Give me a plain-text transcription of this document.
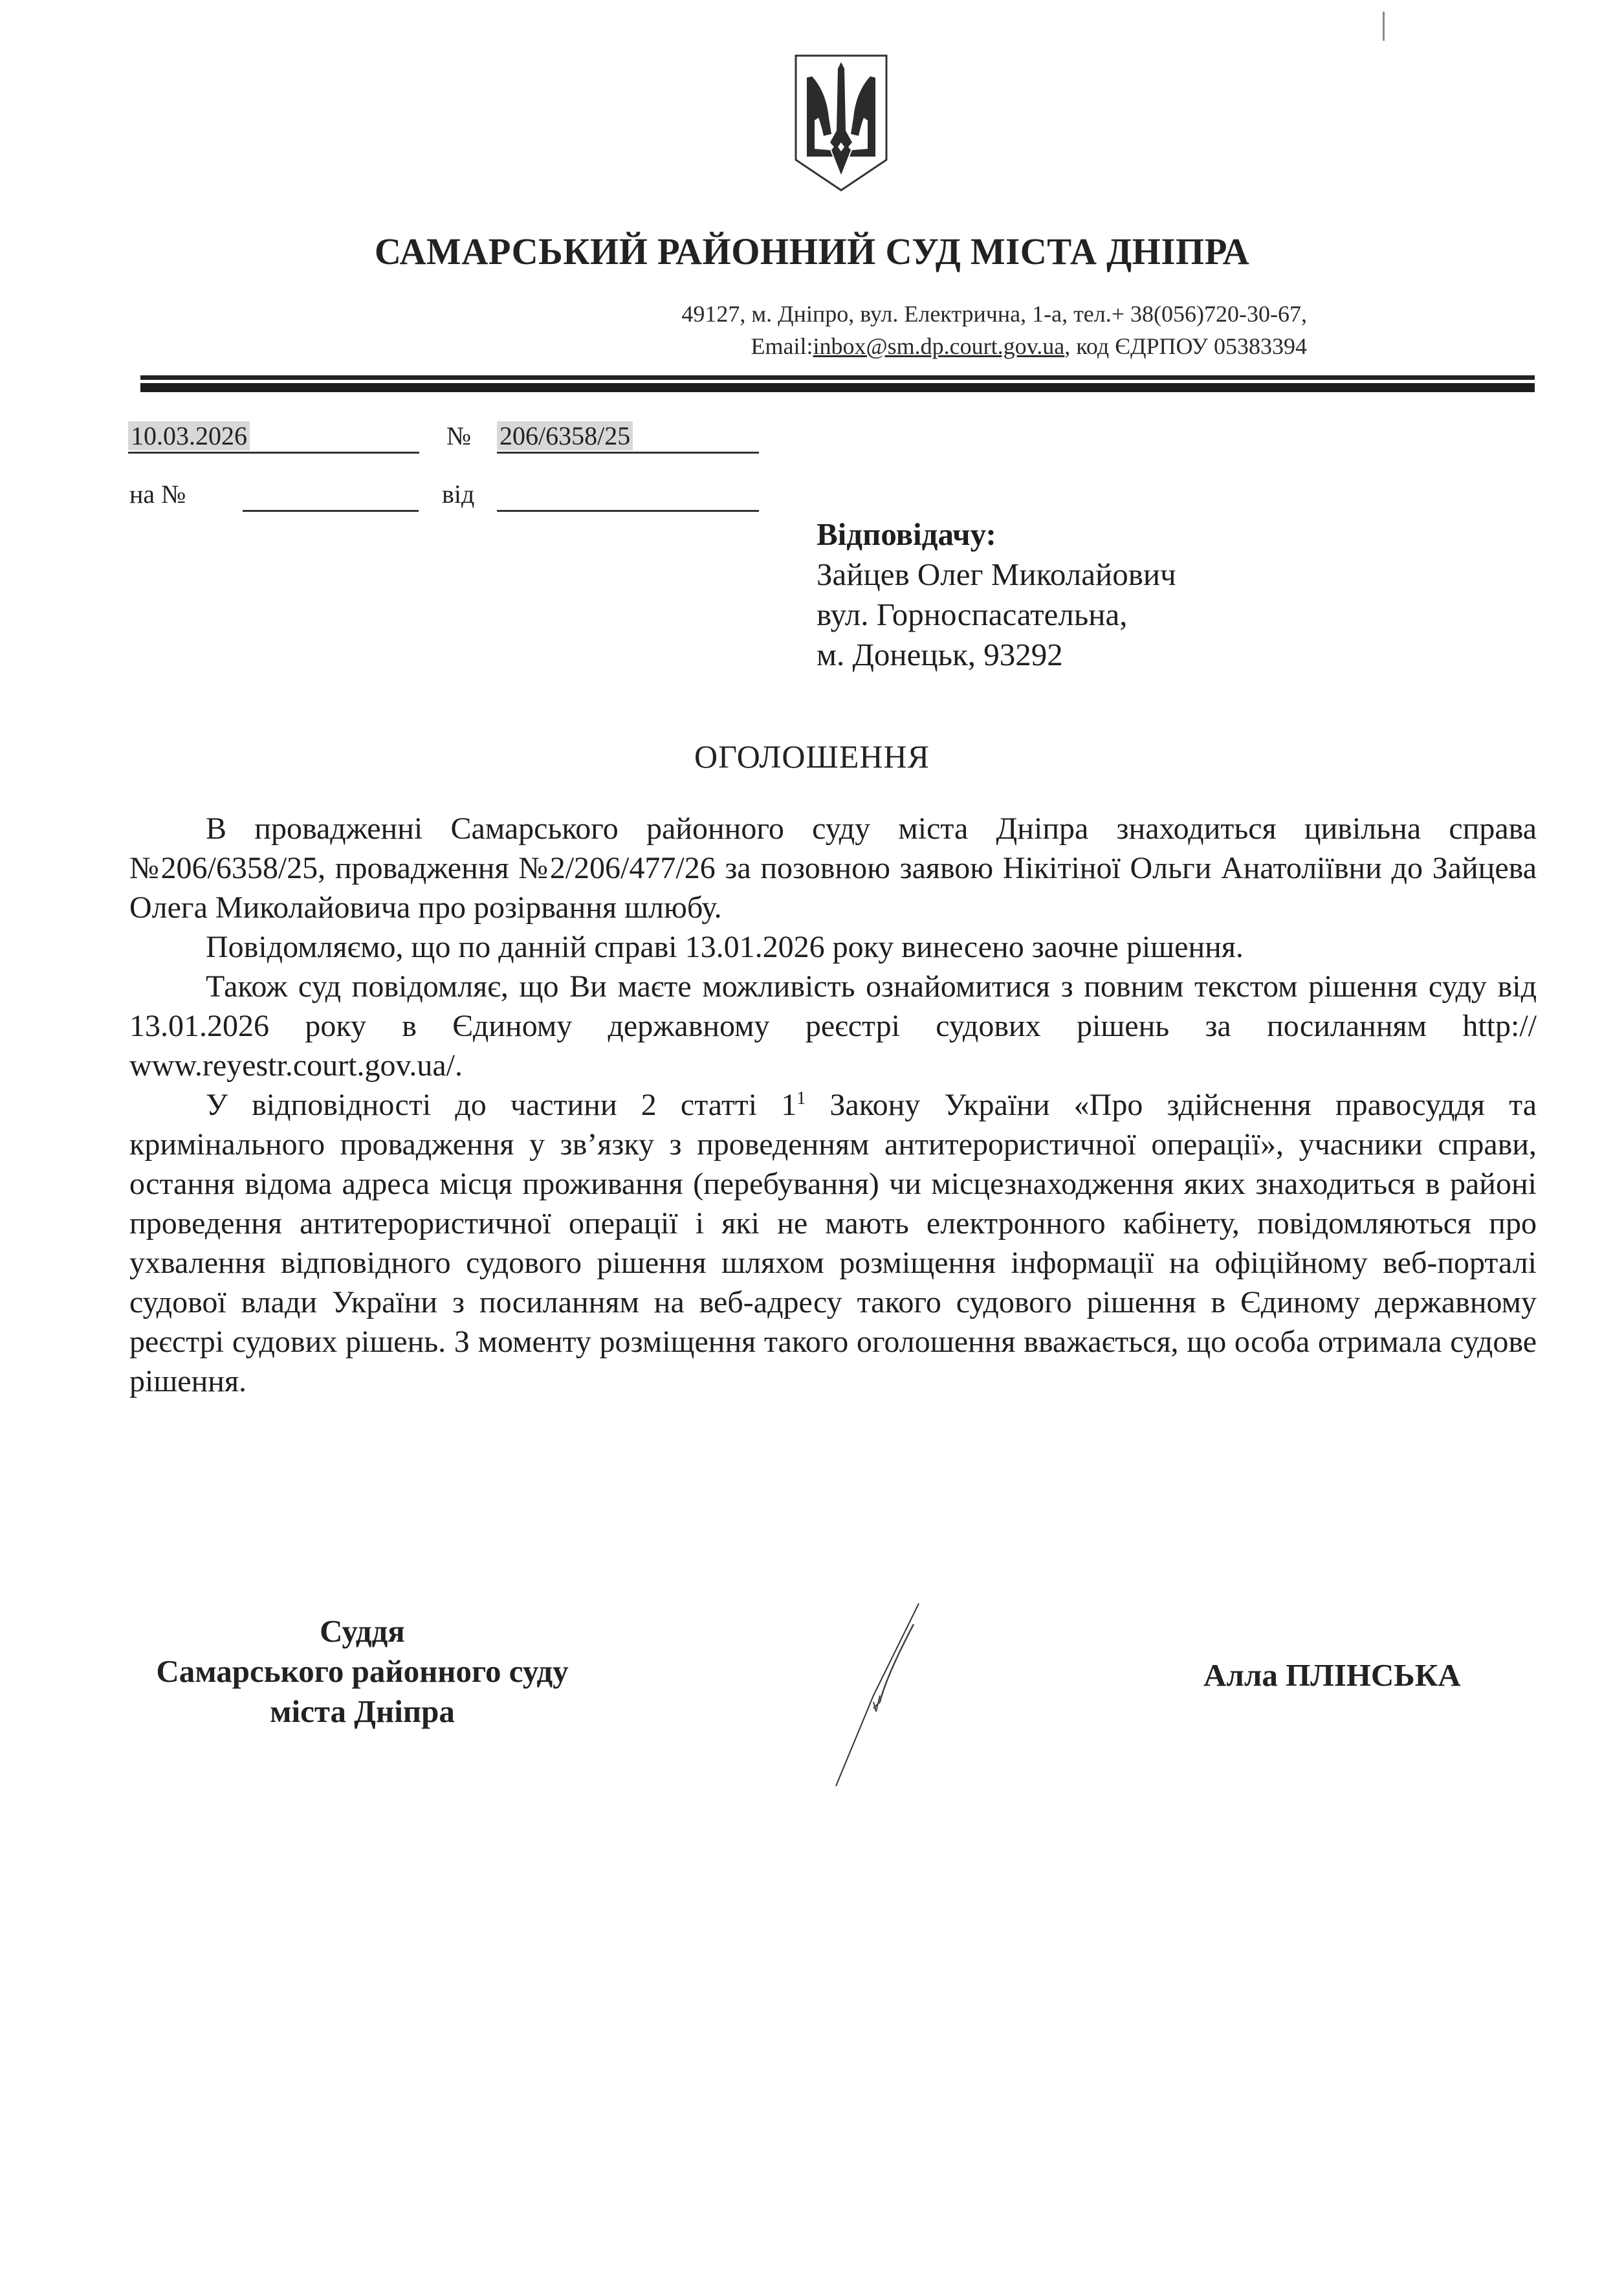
САМАРСЬКИЙ РАЙОННИЙ СУД МІСТА ДНІПРА
49127, м. Дніпро, вул. Електрична, 1-а, тел.+ 38(056)720-30-67,
Email:inbox@sm.dp.court.gov.ua, код ЄДРПОУ 05383394
10.03.2026	№ 206/6358/25
на №	від
Відповідачу:
Зайцев Олег Миколайович
вул. Горноспасательна,
м. Донецьк, 93292
ОГОЛОШЕННЯ

В провадженні Самарського районного суду міста Дніпра знаходиться цивільна справа №206/6358/25, провадження №2/206/477/26 за позовною заявою Нікітіної Ольги Анатоліївни до Зайцева Олега Миколайовича про розірвання шлюбу.

Повідомляємо, що по данній справі 13.01.2026 року винесено заочне рішення.

Також суд повідомляє, що Ви маєте можливість ознайомитися з повним текстом рішення суду від 13.01.2026 року в Єдиному державному реєстрі судових рішень за посиланням http:// www.reyestr.court.gov.ua/.

У відповідності до частини 2 статті $1^1$ Закону України «Про здійснення правосуддя та кримінального провадження у зв’язку з проведенням антитерористичної операції», учасники справи, остання відома адреса місця проживання (перебування) чи місцезнаходження яких знаходиться в районі проведення антитерористичної операції і які не мають електронного кабінету, повідомляються про ухвалення відповідного судового рішення шляхом розміщення інформації на офіційному веб-порталі судової влади України з посиланням на веб-адресу такого судового рішення в Єдиному державному реєстрі судових рішень. З моменту розміщення такого оголошення вважається, що особа отримала судове рішення.

Суддя
Самарського районного суду
міста Дніпра
Алла ПЛІНСЬКА
